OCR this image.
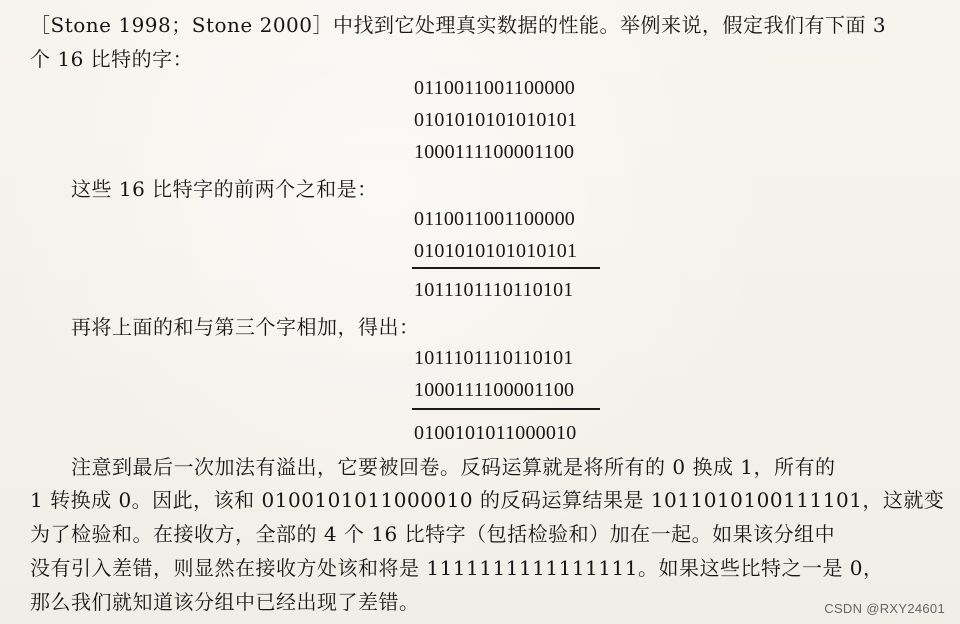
［Stone 1998；Stone 2000］中找到它处理真实数据的性能。举例来说，假定我们有下面 3
个 16 比特的字：
0110011001100000
0101010101010101
1000111100001100
这些 16 比特字的前两个之和是：
0110011001100000
0101010101010101
1011101110110101
再将上面的和与第三个字相加，得出：
1011101110110101
1000111100001100
0100101011000010
注意到最后一次加法有溢出，它要被回卷。反码运算就是将所有的 0 换成 1，所有的
1 转换成 0。因此，该和 0100101011000010 的反码运算结果是 1011010100111101，这就变
为了检验和。在接收方，全部的 4 个 16 比特字（包括检验和）加在一起。如果该分组中
没有引入差错，则显然在接收方处该和将是 1111111111111111。如果这些比特之一是 0，
那么我们就知道该分组中已经出现了差错。	CSDN @RXY24601
